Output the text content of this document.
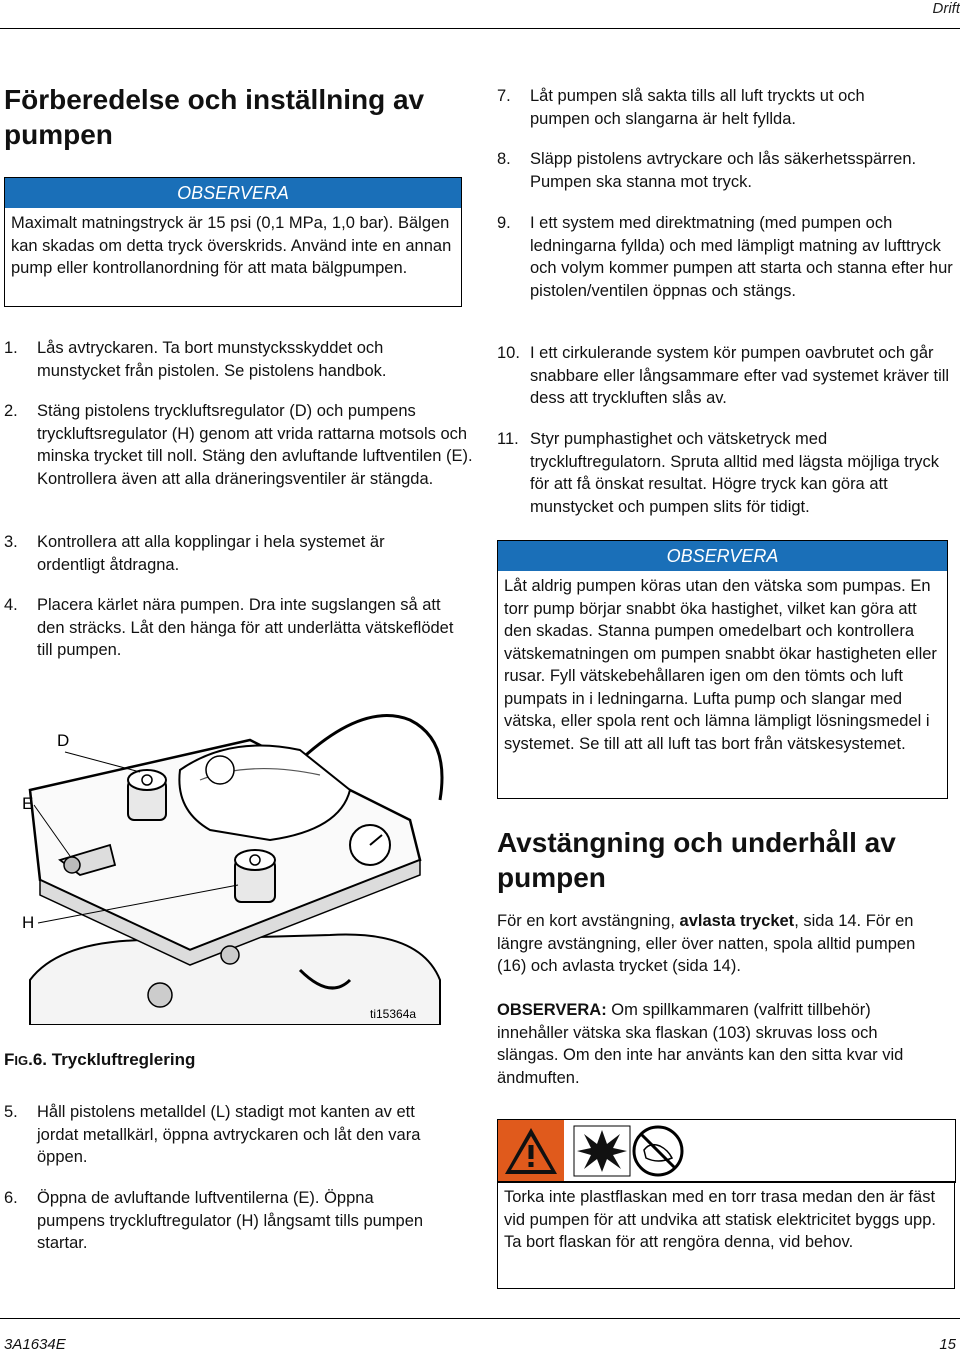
Drift
3A1634E	15
Förberedelse och inställning av pumpen
OBSERVERA
Maximalt matningstryck är 15 psi (0,1 MPa, 1,0 bar). Bälgen kan skadas om detta tryck överskrids. Använd inte en annan pump eller kontrollanordning för att mata bälgpumpen.
1. Lås avtryckaren. Ta bort munstycksskyddet och munstycket från pistolen. Se pistolens handbok.
2. Stäng pistolens tryckluftsregulator (D) och pumpens tryckluftsregulator (H) genom att vrida rattarna motsols och minska trycket till noll. Stäng den avluftande luftventilen (E). Kontrollera även att alla dräneringsventiler är stängda.
3. Kontrollera att alla kopplingar i hela systemet är ordentligt åtdragna.
4. Placera kärlet nära pumpen. Dra inte sugslangen så att den sträcks. Låt den hänga för att underlätta vätskeflödet till pumpen.
D
E
H
ti15364a
FIG.6. Tryckluftreglering
5. Håll pistolens metalldel (L) stadigt mot kanten av ett jordat metallkärl, öppna avtryckaren och låt den vara öppen.
6. Öppna de avluftande luftventilerna (E). Öppna pumpens tryckluftregulator (H) långsamt tills pumpen startar.
7. Låt pumpen slå sakta tills all luft tryckts ut och pumpen och slangarna är helt fyllda.
8. Släpp pistolens avtryckare och lås säkerhetsspärren. Pumpen ska stanna mot tryck.
9. I ett system med direktmatning (med pumpen och ledningarna fyllda) och med lämpligt matning av lufttryck och volym kommer pumpen att starta och stanna efter hur pistolen/ventilen öppnas och stängs.
10. I ett cirkulerande system kör pumpen oavbrutet och går snabbare eller långsammare efter vad systemet kräver till dess att tryckluften slås av.
11. Styr pumphastighet och vätsketryck med tryckluftregulatorn. Spruta alltid med lägsta möjliga tryck för att få önskat resultat. Högre tryck kan göra att munstycket och pumpen slits för tidigt.
OBSERVERA
Låt aldrig pumpen köras utan den vätska som pumpas. En torr pump börjar snabbt öka hastighet, vilket kan göra att den skadas. Stanna pumpen omedelbart och kontrollera vätskematningen om pumpen snabbt ökar hastigheten eller rusar. Fyll vätskebehållaren igen om den tömts och luft pumpats in i ledningarna. Lufta pump och slangar med vätska, eller spola rent och lämna lämpligt lösningsmedel i systemet. Se till att all luft tas bort från vätskesystemet.
Avstängning och underhåll av pumpen
För en kort avstängning, avlasta trycket, sida 14. För en längre avstängning, eller över natten, spola alltid pumpen (16) och avlasta trycket (sida 14).
OBSERVERA: Om spillkammaren (valfritt tillbehör) innehåller vätska ska flaskan (103) skruvas loss och slängas. Om den inte har använts kan den sitta kvar vid ändmuften.
Torka inte plastflaskan med en torr trasa medan den är fäst vid pumpen för att undvika att statisk elektricitet byggs upp. Ta bort flaskan för att rengöra denna, vid behov.
